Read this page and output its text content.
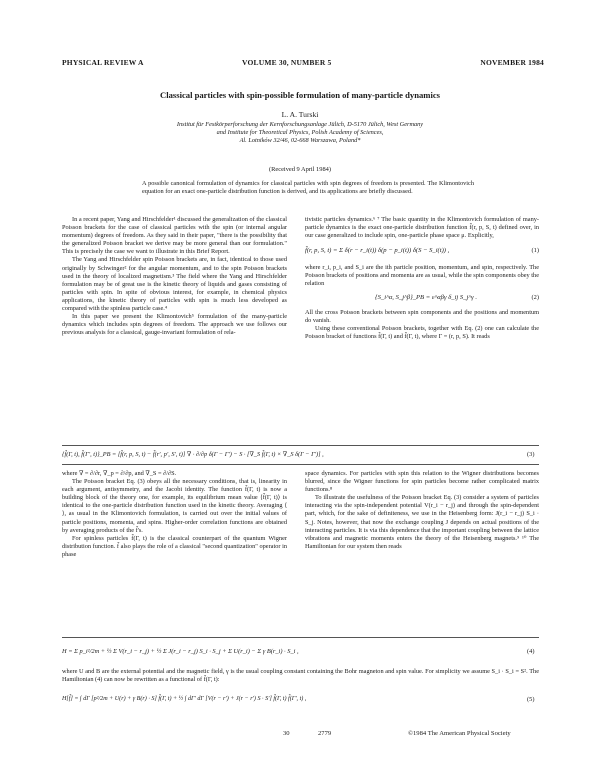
PHYSICAL REVIEW A	VOLUME 30, NUMBER 5	NOVEMBER 1984
Classical particles with spin-possible formulation of many-particle dynamics
L. A. Turski
Institut für Festkörperforschung der Kernforschungsanlage Jülich, D-5170 Jülich, West Germany
and Institute for Theoretical Physics, Polish Academy of Sciences,
Al. Lotników 32/46, 02-668 Warszawa, Poland*
(Received 9 April 1984)
A possible canonical formulation of dynamics for classical particles with spin degrees of freedom is presented. The Klimontovich equation for an exact one-particle distribution function is derived, and its applications are briefly discussed.

In a recent paper, Yang and Hirschfelder¹ discussed the generalization of the classical Poisson brackets for the case of classical particles with the spin (or internal angular momentum) degrees of freedom. As they said in their paper, "there is the possibility that the generalized Poisson bracket we derive may be more general than our formulation." This is precisely the case we want to illustrate in this Brief Report.

The Yang and Hirschfelder spin Poisson brackets are, in fact, identical to those used originally by Schwinger² for the angular momentum, and to the spin Poisson brackets used in the theory of localized magnetism.³ The field where the Yang and Hirschfelder formulation may be of great use is the kinetic theory of liquids and gases consisting of particles with spin. In spite of obvious interest, for example, in chemical physics applications, the kinetic theory of particles with spin is much less developed as compared with the spinless particle case.⁴

In this paper we present the Klimontovich⁵ formulation of the many-particle dynamics which includes spin degrees of freedom. The approach we use follows our previous analysis for a classical, gauge-invariant formulation of rela-

tivistic particles dynamics.⁶ ⁷ The basic quantity in the Klimontovich formulation of many-particle dynamics is the exact one-particle distribution function f̂(r, p, S, t) defined over, in our case generalized to include spin, one-particle phase space μ. Explicitly,

f̂(r, p, S, t) = Σ δ(r − r_i(t)) δ(p − p_i(t)) δ(S − S_i(t)) ,	(1)

where r_i, p_i, and S_i are the ith particle position, momentum, and spin, respectively. The Poisson brackets of positions and momenta are as usual, while the spin components obey the relation

{S_i^α, S_j^β}_PB = ε^αβγ δ_ij S_j^γ .	(2)

All the cross Poisson brackets between spin components and the positions and momentum do vanish.

Using these conventional Poisson brackets, together with Eq. (2) one can calculate the Poisson bracket of functions f̂(Γ, t) and f̂(Γ, t), where Γ = (r, p, S). It reads

{f̂(Γ, t), f̂(Γ′, t)}_PB = [f̂(r, p, S, t) − f̂(r′, p′, S′, t)] ∇ · ∂/∂p δ(Γ − Γ′) − S · [∇_S f̂(Γ, t) × ∇_S δ(Γ − Γ′)] ,	(3)

where ∇ = ∂/∂r, ∇_p = ∂/∂p, and ∇_S = ∂/∂S.

The Poisson bracket Eq. (3) obeys all the necessary conditions, that is, linearity in each argument, antisymmetry, and the Jacobi identity. The function f̂(Γ, t) is now a building block of the theory one, for example, its equilibrium mean value ⟨f̂(Γ, t)⟩ is identical to the one-particle distribution function used in the kinetic theory. Averaging ⟨ ⟩, as usual in the Klimontovich formulation, is carried out over the initial values of particle positions, momenta, and spins. Higher-order correlation functions are obtained by averaging products of the f̂'s.

For spinless particles f̂(Γ, t) is the classical counterpart of the quantum Wigner distribution function. f̂ also plays the role of a classical "second quantization" operator in phase

space dynamics. For particles with spin this relation to the Wigner distributions becomes blurred, since the Wigner functions for spin particles become rather complicated matrix functions.⁸

To illustrate the usefulness of the Poisson bracket Eq. (3) consider a system of particles interacting via the spin-independent potential V(r_i − r_j) and through the spin-dependent part, which, for the sake of definiteness, we use in the Heisenberg form: J(r_i − r_j) S_i · S_j. Notes, however, that now the exchange coupling J depends on actual positions of the interacting particles. It is via this dependence that the important coupling between the lattice vibrations and magnetic moments enters the theory of the Heisenberg magnets.⁹ ¹⁰ The Hamiltonian for our system then reads

H = Σ p_i²/2m + ½ Σ V(r_i − r_j) + ½ Σ J(r_i − r_j) S_i · S_j + Σ U(r_i) − Σ γ B(r_i) · S_i ,	(4)
where U and B are the external potential and the magnetic field, γ is the usual coupling constant containing the Bohr magneton and spin value. For simplicity we assume S_i · S_i = S². The Hamiltonian (4) can now be rewritten as a functional of f̂(Γ, t):
H[f̂] = ∫ dΓ [p²/2m + U(r) + γ B(r) · S] f̂(Γ, t) + ½ ∫ dΓ′ dΓ [V(r − r′) + J(r − r′) S · S′] f̂(Γ, t) f̂(Γ′, t) ,	(5)
30	2779	©1984 The American Physical Society
